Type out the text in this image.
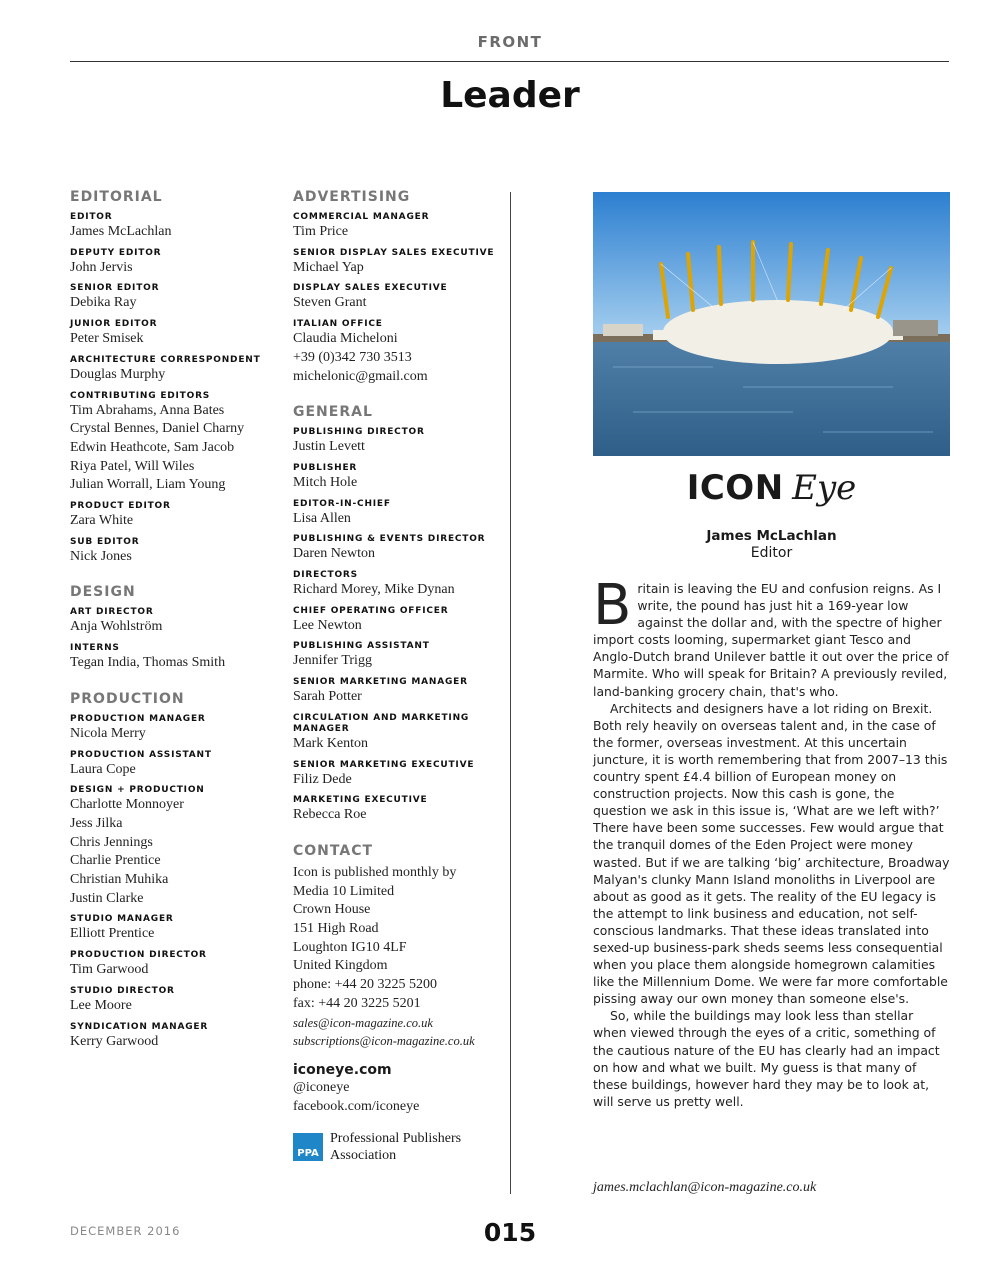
FRONT
Leader
EDITORIAL
EDITOR
James McLachlan
DEPUTY EDITOR
John Jervis
SENIOR EDITOR
Debika Ray
JUNIOR EDITOR
Peter Smisek
ARCHITECTURE CORRESPONDENT
Douglas Murphy
CONTRIBUTING EDITORS
Tim Abrahams, Anna Bates
Crystal Bennes, Daniel Charny
Edwin Heathcote, Sam Jacob
Riya Patel, Will Wiles
Julian Worrall, Liam Young
PRODUCT EDITOR
Zara White
SUB EDITOR
Nick Jones
DESIGN
ART DIRECTOR
Anja Wohlström
INTERNS
Tegan India, Thomas Smith
PRODUCTION
PRODUCTION MANAGER
Nicola Merry
PRODUCTION ASSISTANT
Laura Cope
DESIGN + PRODUCTION
Charlotte Monnoyer
Jess Jilka
Chris Jennings
Charlie Prentice
Christian Muhika
Justin Clarke
STUDIO MANAGER
Elliott Prentice
PRODUCTION DIRECTOR
Tim Garwood
STUDIO DIRECTOR
Lee Moore
SYNDICATION MANAGER
Kerry Garwood
ADVERTISING
COMMERCIAL MANAGER
Tim Price
SENIOR DISPLAY SALES EXECUTIVE
Michael Yap
DISPLAY SALES EXECUTIVE
Steven Grant
ITALIAN OFFICE
Claudia Micheloni
+39 (0)342 730 3513
michelonic@gmail.com
GENERAL
PUBLISHING DIRECTOR
Justin Levett
PUBLISHER
Mitch Hole
EDITOR-IN-CHIEF
Lisa Allen
PUBLISHING & EVENTS DIRECTOR
Daren Newton
DIRECTORS
Richard Morey, Mike Dynan
CHIEF OPERATING OFFICER
Lee Newton
PUBLISHING ASSISTANT
Jennifer Trigg
SENIOR MARKETING MANAGER
Sarah Potter
CIRCULATION AND MARKETING MANAGER
Mark Kenton
SENIOR MARKETING EXECUTIVE
Filiz Dede
MARKETING EXECUTIVE
Rebecca Roe
CONTACT
Icon is published monthly by
Media 10 Limited
Crown House
151 High Road
Loughton IG10 4LF
United Kingdom
phone: +44 20 3225 5200
fax: +44 20 3225 5201
sales@icon-magazine.co.uk
subscriptions@icon-magazine.co.uk
iconeye.com
@iconeye
facebook.com/iconeye
PPA
Professional Publishers Association
ICON Eye
James McLachlan
Editor

Britain is leaving the EU and confusion reigns. As I write, the pound has just hit a 169-year low against the dollar and, with the spectre of higher import costs looming, supermarket giant Tesco and Anglo-Dutch brand Unilever battle it out over the price of Marmite. Who will speak for Britain? A previously reviled, land-banking grocery chain, that's who.

Architects and designers have a lot riding on Brexit. Both rely heavily on overseas talent and, in the case of the former, overseas investment. At this uncertain juncture, it is worth remembering that from 2007–13 this country spent £4.4 billion of European money on construction projects. Now this cash is gone, the question we ask in this issue is, ‘What are we left with?’ There have been some successes. Few would argue that the tranquil domes of the Eden Project were money wasted. But if we are talking ‘big’ architecture, Broadway Malyan's clunky Mann Island monoliths in Liverpool are about as good as it gets. The reality of the EU legacy is the attempt to link business and education, not self-conscious landmarks. That these ideas translated into sexed-up business-park sheds seems less consequential when you place them alongside homegrown calamities like the Millennium Dome. We were far more comfortable pissing away our own money than someone else's.

So, while the buildings may look less than stellar when viewed through the eyes of a critic, something of the cautious nature of the EU has clearly had an impact on how and what we built. My guess is that many of these buildings, however hard they may be to look at, will serve us pretty well.

james.mclachlan@icon-magazine.co.uk
DECEMBER 2016	015
